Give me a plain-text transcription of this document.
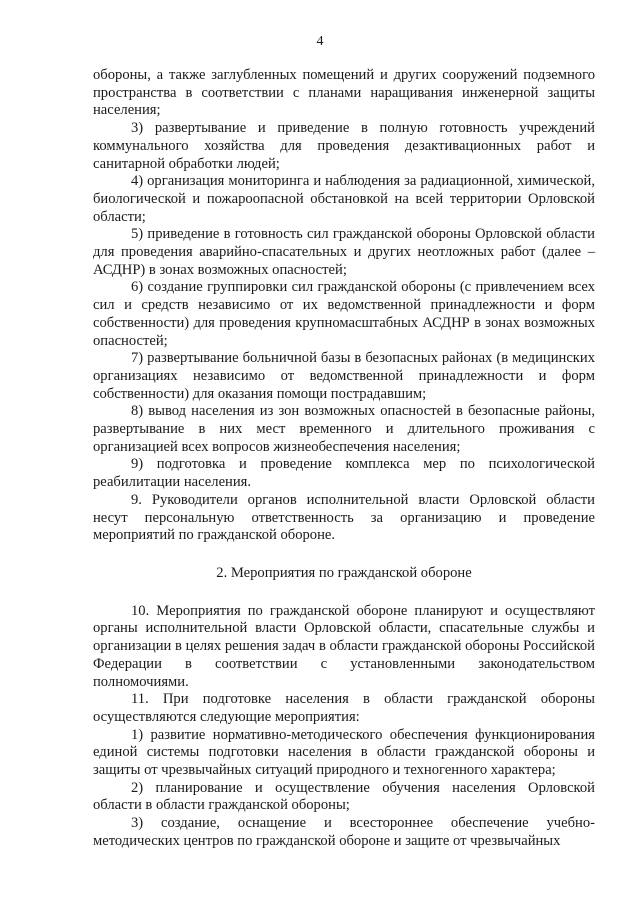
4

обороны, а также заглубленных помещений и других сооружений подземного пространства в соответствии с планами наращивания инженерной защиты населения;

3) развертывание и приведение в полную готовность учреждений коммунального хозяйства для проведения дезактивационных работ и санитарной обработки людей;

4) организация мониторинга и наблюдения за радиационной, химической, биологической и пожароопасной обстановкой на всей территории Орловской области;

5) приведение в готовность сил гражданской обороны Орловской области для проведения аварийно-спасательных и других неотложных работ (далее – АСДНР) в зонах возможных опасностей;

6) создание группировки сил гражданской обороны (с привлечением всех сил и средств независимо от их ведомственной принадлежности и форм собственности) для проведения крупномасштабных АСДНР в зонах возможных опасностей;

7) развертывание больничной базы в безопасных районах (в медицинских организациях независимо от ведомственной принадлежности и форм собственности) для оказания помощи пострадавшим;

8) вывод населения из зон возможных опасностей в безопасные районы, развертывание в них мест временного и длительного проживания с организацией всех вопросов жизнеобеспечения населения;

9) подготовка и проведение комплекса мер по психологической реабилитации населения.

9. Руководители органов исполнительной власти Орловской области несут персональную ответственность за организацию и проведение мероприятий по гражданской обороне.

2. Мероприятия по гражданской обороне

10. Мероприятия по гражданской обороне планируют и осуществляют органы исполнительной власти Орловской области, спасательные службы и организации в целях решения задач в области гражданской обороны Российской Федерации в соответствии с установленными законодательством полномочиями.

11. При подготовке населения в области гражданской обороны осуществляются следующие мероприятия:

1) развитие нормативно-методического обеспечения функционирования единой системы подготовки населения в области гражданской обороны и защиты от чрезвычайных ситуаций природного и техногенного характера;

2) планирование и осуществление обучения населения Орловской области в области гражданской обороны;

3) создание, оснащение и всестороннее обеспечение учебно-методических центров по гражданской обороне и защите от чрезвычайных
